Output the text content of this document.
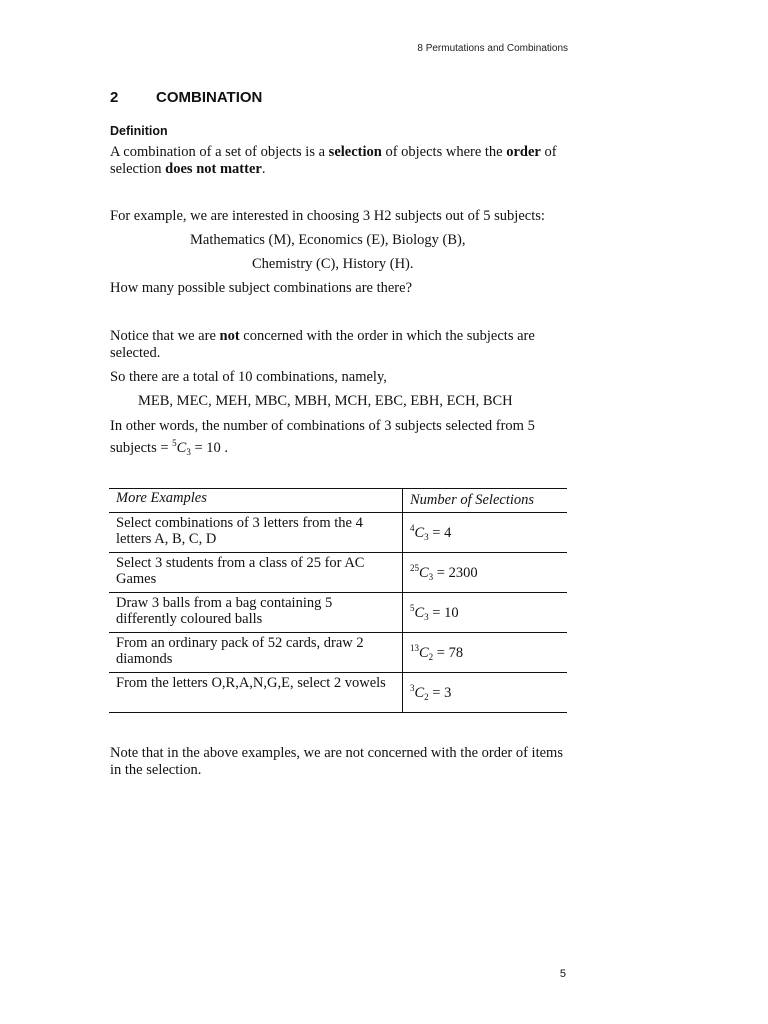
8 Permutations and Combinations
2	COMBINATION
Definition
A combination of a set of objects is a selection of objects where the order of selection does not matter.
For example, we are interested in choosing 3 H2 subjects out of 5 subjects:
Mathematics (M), Economics (E), Biology (B),
Chemistry (C), History (H).
How many possible subject combinations are there?
Notice that we are not concerned with the order in which the subjects are selected.
So there are a total of 10 combinations, namely,
MEB, MEC, MEH, MBC, MBH, MCH, EBC, EBH, ECH, BCH
In other words, the number of combinations of 3 subjects selected from 5 subjects = $^5C_3 = 10$ .
More Examples	Number of Selections
Select combinations of 3 letters from the 4 letters A, B, C, D	$^4C_3 = 4$
Select 3 students from a class of 25 for AC Games	$^{25}C_3 = 2300$
Draw 3 balls from a bag containing 5 differently coloured balls	$^5C_3 = 10$
From an ordinary pack of 52 cards, draw 2 diamonds	$^{13}C_2 = 78$
From the letters O,R,A,N,G,E, select 2 vowels	$^3C_2 = 3$
Note that in the above examples, we are not concerned with the order of items in the selection.
5
